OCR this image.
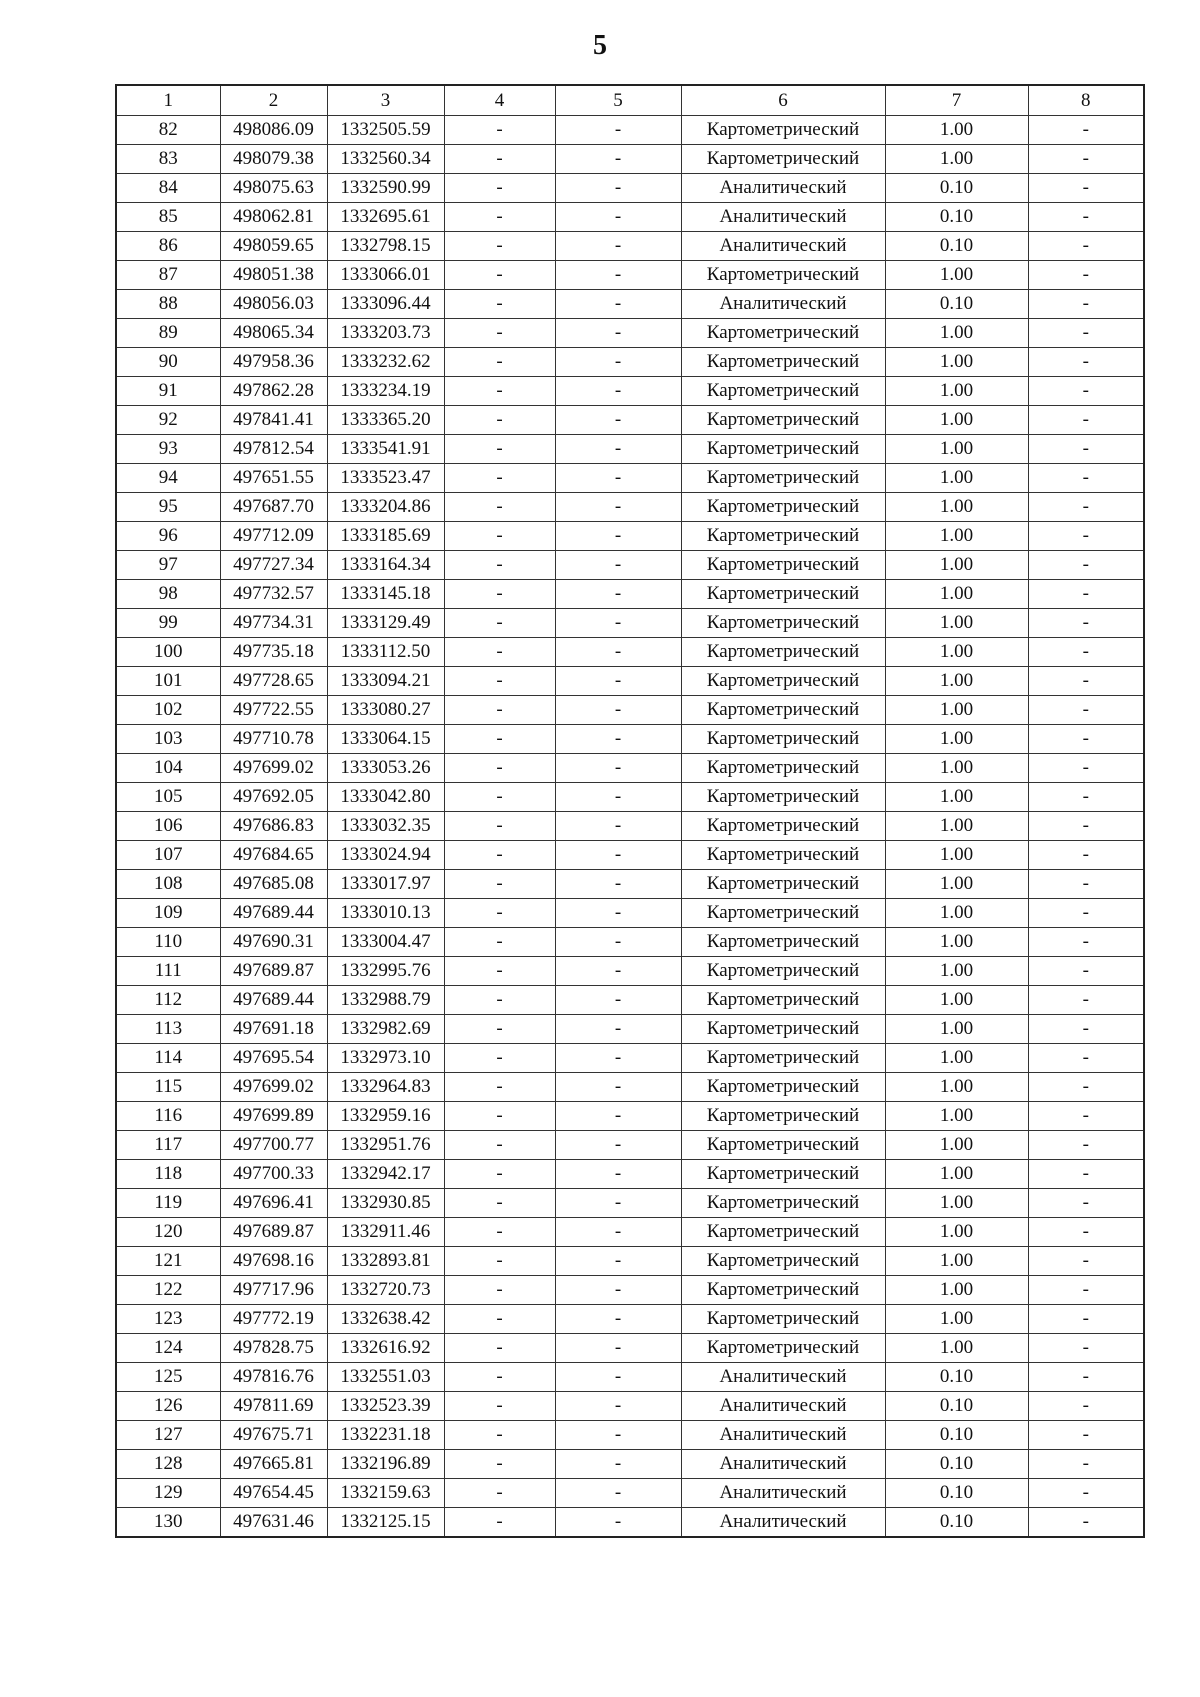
5
1	2	3	4	5	6	7	8
82	498086.09	1332505.59	-	-	Картометрический	1.00	-
83	498079.38	1332560.34	-	-	Картометрический	1.00	-
84	498075.63	1332590.99	-	-	Аналитический	0.10	-
85	498062.81	1332695.61	-	-	Аналитический	0.10	-
86	498059.65	1332798.15	-	-	Аналитический	0.10	-
87	498051.38	1333066.01	-	-	Картометрический	1.00	-
88	498056.03	1333096.44	-	-	Аналитический	0.10	-
89	498065.34	1333203.73	-	-	Картометрический	1.00	-
90	497958.36	1333232.62	-	-	Картометрический	1.00	-
91	497862.28	1333234.19	-	-	Картометрический	1.00	-
92	497841.41	1333365.20	-	-	Картометрический	1.00	-
93	497812.54	1333541.91	-	-	Картометрический	1.00	-
94	497651.55	1333523.47	-	-	Картометрический	1.00	-
95	497687.70	1333204.86	-	-	Картометрический	1.00	-
96	497712.09	1333185.69	-	-	Картометрический	1.00	-
97	497727.34	1333164.34	-	-	Картометрический	1.00	-
98	497732.57	1333145.18	-	-	Картометрический	1.00	-
99	497734.31	1333129.49	-	-	Картометрический	1.00	-
100	497735.18	1333112.50	-	-	Картометрический	1.00	-
101	497728.65	1333094.21	-	-	Картометрический	1.00	-
102	497722.55	1333080.27	-	-	Картометрический	1.00	-
103	497710.78	1333064.15	-	-	Картометрический	1.00	-
104	497699.02	1333053.26	-	-	Картометрический	1.00	-
105	497692.05	1333042.80	-	-	Картометрический	1.00	-
106	497686.83	1333032.35	-	-	Картометрический	1.00	-
107	497684.65	1333024.94	-	-	Картометрический	1.00	-
108	497685.08	1333017.97	-	-	Картометрический	1.00	-
109	497689.44	1333010.13	-	-	Картометрический	1.00	-
110	497690.31	1333004.47	-	-	Картометрический	1.00	-
111	497689.87	1332995.76	-	-	Картометрический	1.00	-
112	497689.44	1332988.79	-	-	Картометрический	1.00	-
113	497691.18	1332982.69	-	-	Картометрический	1.00	-
114	497695.54	1332973.10	-	-	Картометрический	1.00	-
115	497699.02	1332964.83	-	-	Картометрический	1.00	-
116	497699.89	1332959.16	-	-	Картометрический	1.00	-
117	497700.77	1332951.76	-	-	Картометрический	1.00	-
118	497700.33	1332942.17	-	-	Картометрический	1.00	-
119	497696.41	1332930.85	-	-	Картометрический	1.00	-
120	497689.87	1332911.46	-	-	Картометрический	1.00	-
121	497698.16	1332893.81	-	-	Картометрический	1.00	-
122	497717.96	1332720.73	-	-	Картометрический	1.00	-
123	497772.19	1332638.42	-	-	Картометрический	1.00	-
124	497828.75	1332616.92	-	-	Картометрический	1.00	-
125	497816.76	1332551.03	-	-	Аналитический	0.10	-
126	497811.69	1332523.39	-	-	Аналитический	0.10	-
127	497675.71	1332231.18	-	-	Аналитический	0.10	-
128	497665.81	1332196.89	-	-	Аналитический	0.10	-
129	497654.45	1332159.63	-	-	Аналитический	0.10	-
130	497631.46	1332125.15	-	-	Аналитический	0.10	-
